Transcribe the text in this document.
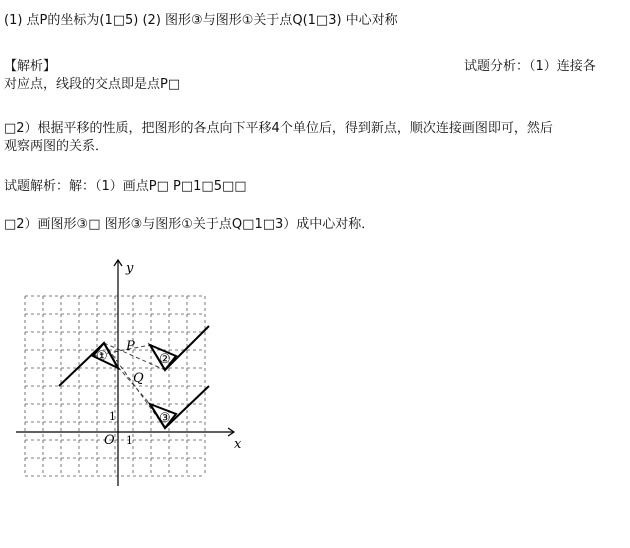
(1) 点P的坐标为(1□5) (2) 图形③与图形①关于点Q(1□3) 中心对称
【解析】	试题分析：（1）连接各
对应点，线段的交点即是点P□
□2）根据平移的性质，把图形的各点向下平移4个单位后，得到新点，顺次连接画图即可，然后
观察两图的关系．
试题解析：解：（1）画点P□ P□1□5□□
□2）画图形③□ 图形③与图形①关于点Q□1□3）成中心对称．
y
x
O 1
1
P
Q
①	②
③
